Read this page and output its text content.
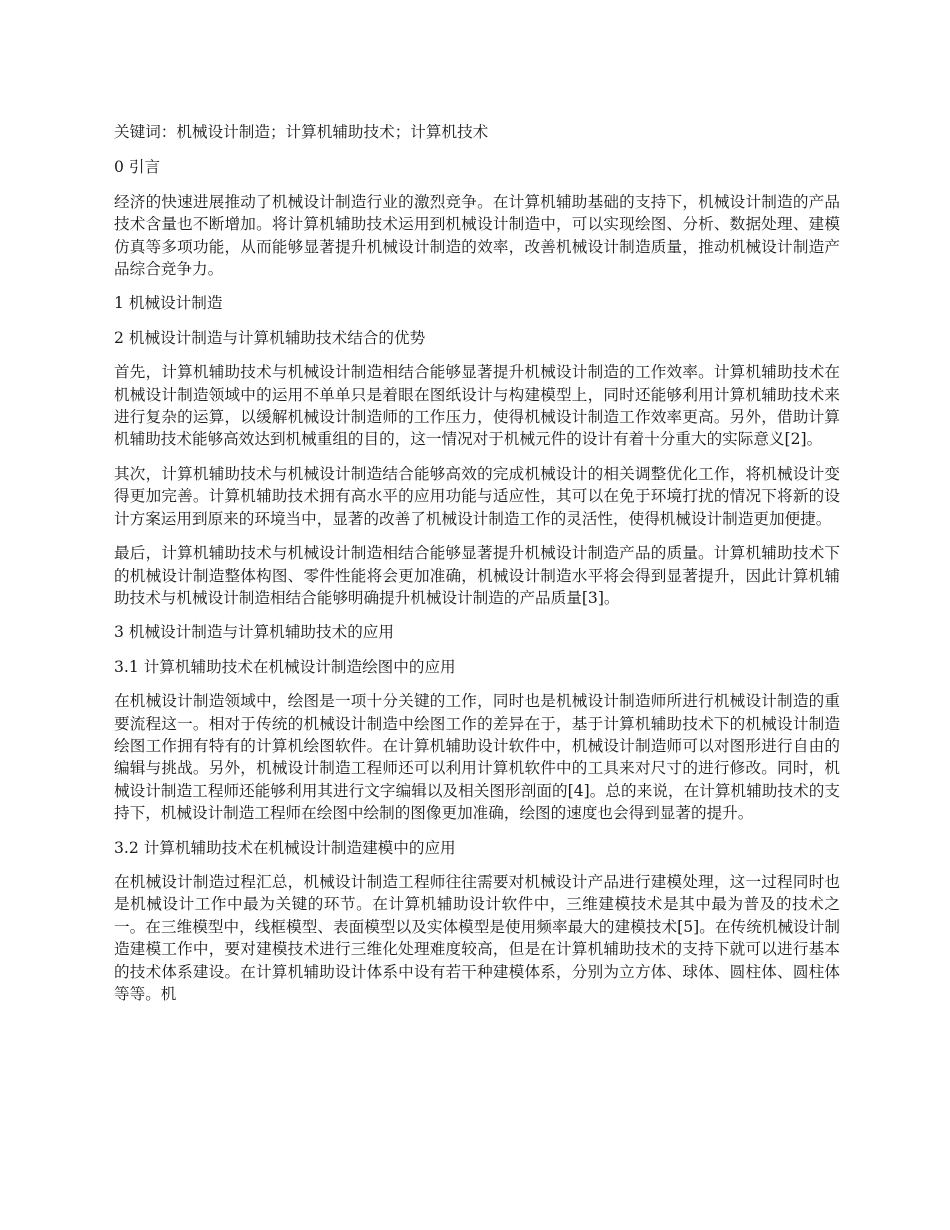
关键词：机械设计制造；计算机辅助技术；计算机技术

0 引言

经济的快速进展推动了机械设计制造行业的激烈竞争。在计算机辅助基础的支持下，机械设计制造的产品技术含量也不断增加。将计算机辅助技术运用到机械设计制造中，可以实现绘图、分析、数据处理、建模仿真等多项功能，从而能够显著提升机械设计制造的效率，改善机械设计制造质量，推动机械设计制造产品综合竞争力。

1 机械设计制造

2 机械设计制造与计算机辅助技术结合的优势

首先，计算机辅助技术与机械设计制造相结合能够显著提升机械设计制造的工作效率。计算机辅助技术在机械设计制造领域中的运用不单单只是着眼在图纸设计与构建模型上，同时还能够利用计算机辅助技术来进行复杂的运算，以缓解机械设计制造师的工作压力，使得机械设计制造工作效率更高。另外，借助计算机辅助技术能够高效达到机械重组的目的，这一情况对于机械元件的设计有着十分重大的实际意义[2]。

其次，计算机辅助技术与机械设计制造结合能够高效的完成机械设计的相关调整优化工作，将机械设计变得更加完善。计算机辅助技术拥有高水平的应用功能与适应性，其可以在免于环境打扰的情况下将新的设计方案运用到原来的环境当中，显著的改善了机械设计制造工作的灵活性，使得机械设计制造更加便捷。

最后，计算机辅助技术与机械设计制造相结合能够显著提升机械设计制造产品的质量。计算机辅助技术下的机械设计制造整体构图、零件性能将会更加准确，机械设计制造水平将会得到显著提升，因此计算机辅助技术与机械设计制造相结合能够明确提升机械设计制造的产品质量[3]。

3 机械设计制造与计算机辅助技术的应用

3.1 计算机辅助技术在机械设计制造绘图中的应用

在机械设计制造领域中，绘图是一项十分关键的工作，同时也是机械设计制造师所进行机械设计制造的重要流程这一。相对于传统的机械设计制造中绘图工作的差异在于，基于计算机辅助技术下的机械设计制造绘图工作拥有特有的计算机绘图软件。在计算机辅助设计软件中，机械设计制造师可以对图形进行自由的编辑与挑战。另外，机械设计制造工程师还可以利用计算机软件中的工具来对尺寸的进行修改。同时，机械设计制造工程师还能够利用其进行文字编辑以及相关图形剖面的[4]。总的来说，在计算机辅助技术的支持下，机械设计制造工程师在绘图中绘制的图像更加准确，绘图的速度也会得到显著的提升。

3.2 计算机辅助技术在机械设计制造建模中的应用

在机械设计制造过程汇总，机械设计制造工程师往往需要对机械设计产品进行建模处理，这一过程同时也是机械设计工作中最为关键的环节。在计算机辅助设计软件中，三维建模技术是其中最为普及的技术之一。在三维模型中，线框模型、表面模型以及实体模型是使用频率最大的建模技术[5]。在传统机械设计制造建模工作中，要对建模技术进行三维化处理难度较高，但是在计算机辅助技术的支持下就可以进行基本的技术体系建设。在计算机辅助设计体系中设有若干种建模体系，分别为立方体、球体、圆柱体、圆柱体等等。机
